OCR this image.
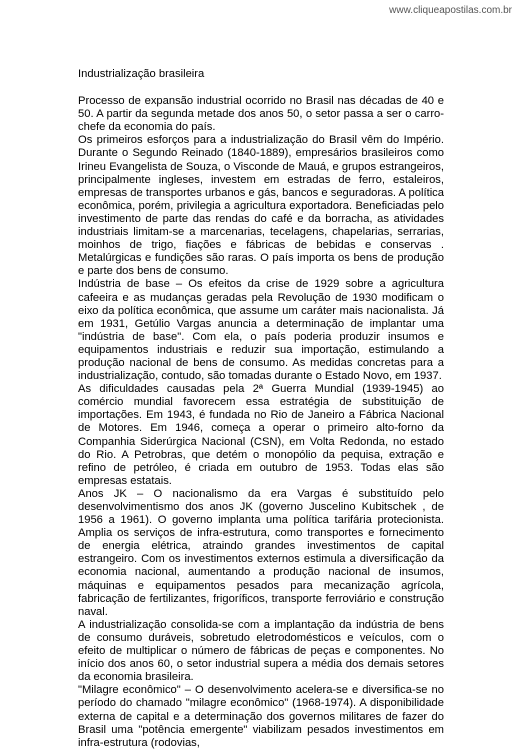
www.cliqueapostilas.com.br

Industrialização brasileira

Processo de expansão industrial ocorrido no Brasil nas décadas de 40 e 50. A partir da segunda metade dos anos 50, o setor passa a ser o carro-chefe da economia do país.

Os primeiros esforços para a industrialização do Brasil vêm do Império. Durante o Segundo Reinado (1840-1889), empresários brasileiros como Irineu Evangelista de Souza, o Visconde de Mauá, e grupos estrangeiros, principalmente ingleses, investem em estradas de ferro, estaleiros, empresas de transportes urbanos e gás, bancos e seguradoras. A política econômica, porém, privilegia a agricultura exportadora. Beneficiadas pelo investimento de parte das rendas do café e da borracha, as atividades industriais limitam-se a marcenarias, tecelagens, chapelarias, serrarias, moinhos de trigo, fiações e fábricas de bebidas e conservas . Metalúrgicas e fundições são raras. O país importa os bens de produção e parte dos bens de consumo.

Indústria de base – Os efeitos da crise de 1929 sobre a agricultura cafeeira e as mudanças geradas pela Revolução de 1930 modificam o eixo da política econômica, que assume um caráter mais nacionalista. Já em 1931, Getúlio Vargas anuncia a determinação de implantar uma "indústria de base". Com ela, o país poderia produzir insumos e equipamentos industriais e reduzir sua importação, estimulando a produção nacional de bens de consumo. As medidas concretas para a industrialização, contudo, são tomadas durante o Estado Novo, em 1937.

As dificuldades causadas pela 2ª Guerra Mundial (1939-1945) ao comércio mundial favorecem essa estratégia de substituição de importações. Em 1943, é fundada no Rio de Janeiro a Fábrica Nacional de Motores. Em 1946, começa a operar o primeiro alto-forno da Companhia Siderúrgica Nacional (CSN), em Volta Redonda, no estado do Rio. A Petrobras, que detém o monopólio da pequisa, extração e refino de petróleo, é criada em outubro de 1953. Todas elas são empresas estatais.

Anos JK – O nacionalismo da era Vargas é substituído pelo desenvolvimentismo dos anos JK (governo Juscelino Kubitschek , de 1956 a 1961). O governo implanta uma política tarifária protecionista. Amplia os serviços de infra-estrutura, como transportes e fornecimento de energia elétrica, atraindo grandes investimentos de capital estrangeiro. Com os investimentos externos estimula a diversificação da economia nacional, aumentando a produção nacional de insumos, máquinas e equipamentos pesados para mecanização agrícola, fabricação de fertilizantes, frigoríficos, transporte ferroviário e construção naval.

A industrialização consolida-se com a implantação da indústria de bens de consumo duráveis, sobretudo eletrodomésticos e veículos, com o efeito de multiplicar o número de fábricas de peças e componentes. No início dos anos 60, o setor industrial supera a média dos demais setores da economia brasileira.

"Milagre econômico" – O desenvolvimento acelera-se e diversifica-se no período do chamado "milagre econômico" (1968-1974). A disponibilidade externa de capital e a determinação dos governos militares de fazer do Brasil uma "potência emergente" viabilizam pesados investimentos em infra-estrutura (rodovias,
